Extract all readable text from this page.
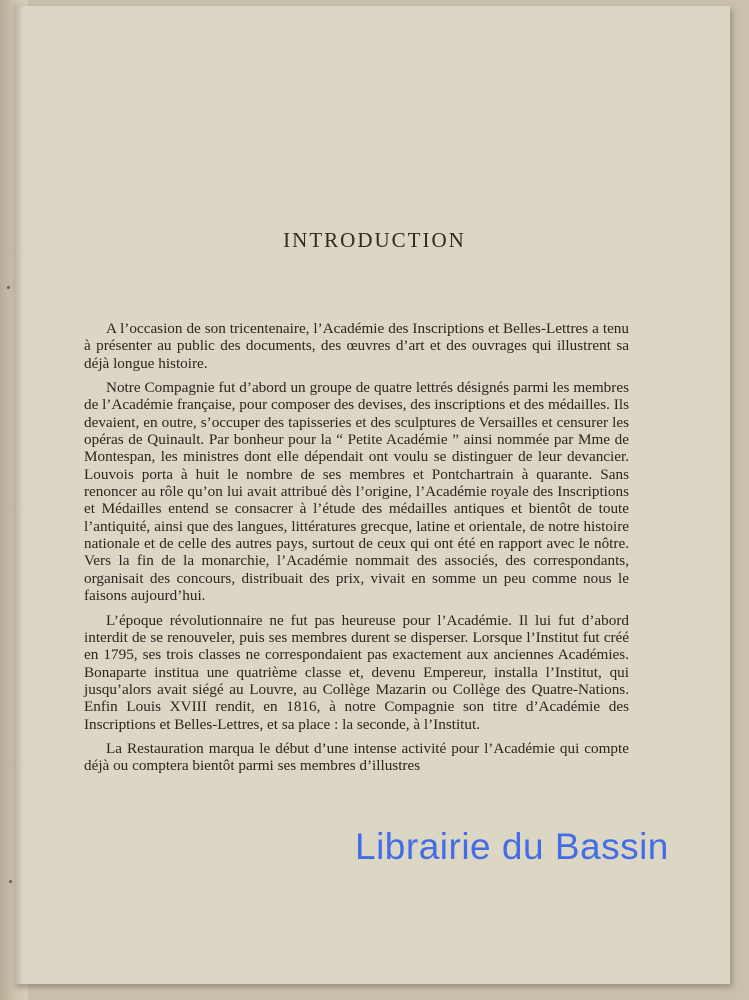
INTRODUCTION

A l’occasion de son tricentenaire, l’Académie des Inscriptions et Belles-Lettres a tenu à présenter au public des documents, des œuvres d’art et des ouvrages qui illustrent sa déjà longue histoire.

Notre Compagnie fut d’abord un groupe de quatre lettrés désignés parmi les membres de l’Académie française, pour composer des devises, des inscriptions et des médailles. Ils devaient, en outre, s’occuper des tapisseries et des sculptures de Versailles et censurer les opéras de Quinault. Par bonheur pour la “ Petite Académie ” ainsi nommée par Mme de Montespan, les ministres dont elle dépendait ont voulu se distinguer de leur devancier. Louvois porta à huit le nombre de ses membres et Pontchartrain à quarante. Sans renoncer au rôle qu’on lui avait attribué dès l’origine, l’Académie royale des Inscriptions et Médailles entend se consacrer à l’étude des médailles antiques et bientôt de toute l’antiquité, ainsi que des langues, littératures grecque, latine et orientale, de notre histoire nationale et de celle des autres pays, surtout de ceux qui ont été en rapport avec le nôtre. Vers la fin de la monarchie, l’Académie nommait des associés, des correspondants, organisait des concours, distribuait des prix, vivait en somme un peu comme nous le faisons aujourd’hui.

L’époque révolutionnaire ne fut pas heureuse pour l’Académie. Il lui fut d’abord interdit de se renouveler, puis ses membres durent se disperser. Lorsque l’Institut fut créé en 1795, ses trois classes ne correspondaient pas exactement aux anciennes Académies. Bonaparte institua une quatrième classe et, devenu Empereur, installa l’Institut, qui jusqu’alors avait siégé au Louvre, au Collège Mazarin ou Collège des Quatre-Nations. Enfin Louis XVIII rendit, en 1816, à notre Compagnie son titre d’Académie des Inscriptions et Belles-Lettres, et sa place : la seconde, à l’Institut.

La Restauration marqua le début d’une intense activité pour l’Académie qui compte déjà ou comptera bientôt parmi ses membres d’illustres

Librairie du Bassin
